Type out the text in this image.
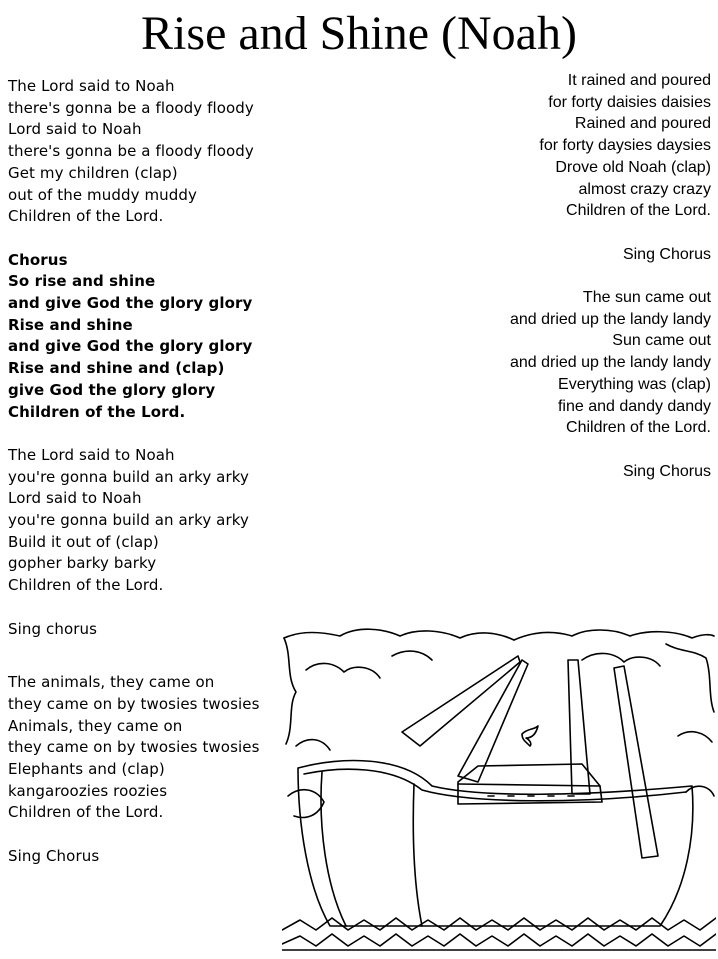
Rise and Shine (Noah)
The Lord said to Noah
there's gonna be a floody floody
Lord said to Noah
there's gonna be a floody floody
Get my children (clap)
out of the muddy muddy
Children of the Lord.
Chorus
So rise and shine
and give God the glory glory
Rise and shine
and give God the glory glory
Rise and shine and (clap)
give God the glory glory
Children of the Lord.
The Lord said to Noah
you're gonna build an arky arky
Lord said to Noah
you're gonna build an arky arky
Build it out of (clap)
gopher barky barky
Children of the Lord.
Sing chorus
The animals, they came on
they came on by twosies twosies
Animals, they came on
they came on by twosies twosies
Elephants and (clap)
kangaroozies roozies
Children of the Lord.
Sing Chorus
It rained and poured
for forty daisies daisies
Rained and poured
for forty daysies daysies
Drove old Noah (clap)
almost crazy crazy
Children of the Lord.
Sing Chorus
The sun came out
and dried up the landy landy
Sun came out
and dried up the landy landy
Everything was (clap)
fine and dandy dandy
Children of the Lord.
Sing Chorus
